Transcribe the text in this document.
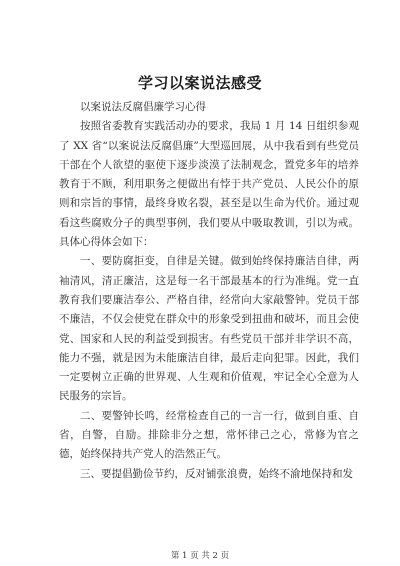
学习以案说法感受

以案说法反腐倡廉学习心得

按照省委教育实践活动办的要求，我局 1 月 14 日组织参观了 XX 省“以案说法反腐倡廉”大型巡回展，从中我看到有些党员干部在个人欲望的驱使下逐步淡漠了法制观念，置党多年的培养教育于不顾，利用职务之便做出有悖于共产党员、人民公仆的原则和宗旨的事情，最终身败名裂，甚至是以生命为代价。通过观看这些腐败分子的典型事例，我们要从中吸取教训，引以为戒。具体心得体会如下：

一、要防腐拒变，自律是关键。做到始终保持廉洁自律，两袖清风，清正廉洁，这是每一名干部最基本的行为准绳。党一直教育我们要廉洁奉公、严格自律，经常向大家敲警钟。党员干部不廉洁，不仅会使党在群众中的形象受到扭曲和破坏，而且会使党、国家和人民的利益受到损害。有些党员干部并非学识不高，能力不强，就是因为未能廉洁自律，最后走向犯罪。因此，我们一定要树立正确的世界观、人生观和价值观，牢记全心全意为人民服务的宗旨。

二、要警钟长鸣，经常检查自己的一言一行，做到自重、自省，自警，自励。排除非分之想，常怀律己之心，常修为官之德，始终保持共产党人的浩然正气。

三、要提倡勤俭节约，反对铺张浪费，始终不渝地保持和发

第 1 页 共 2 页
